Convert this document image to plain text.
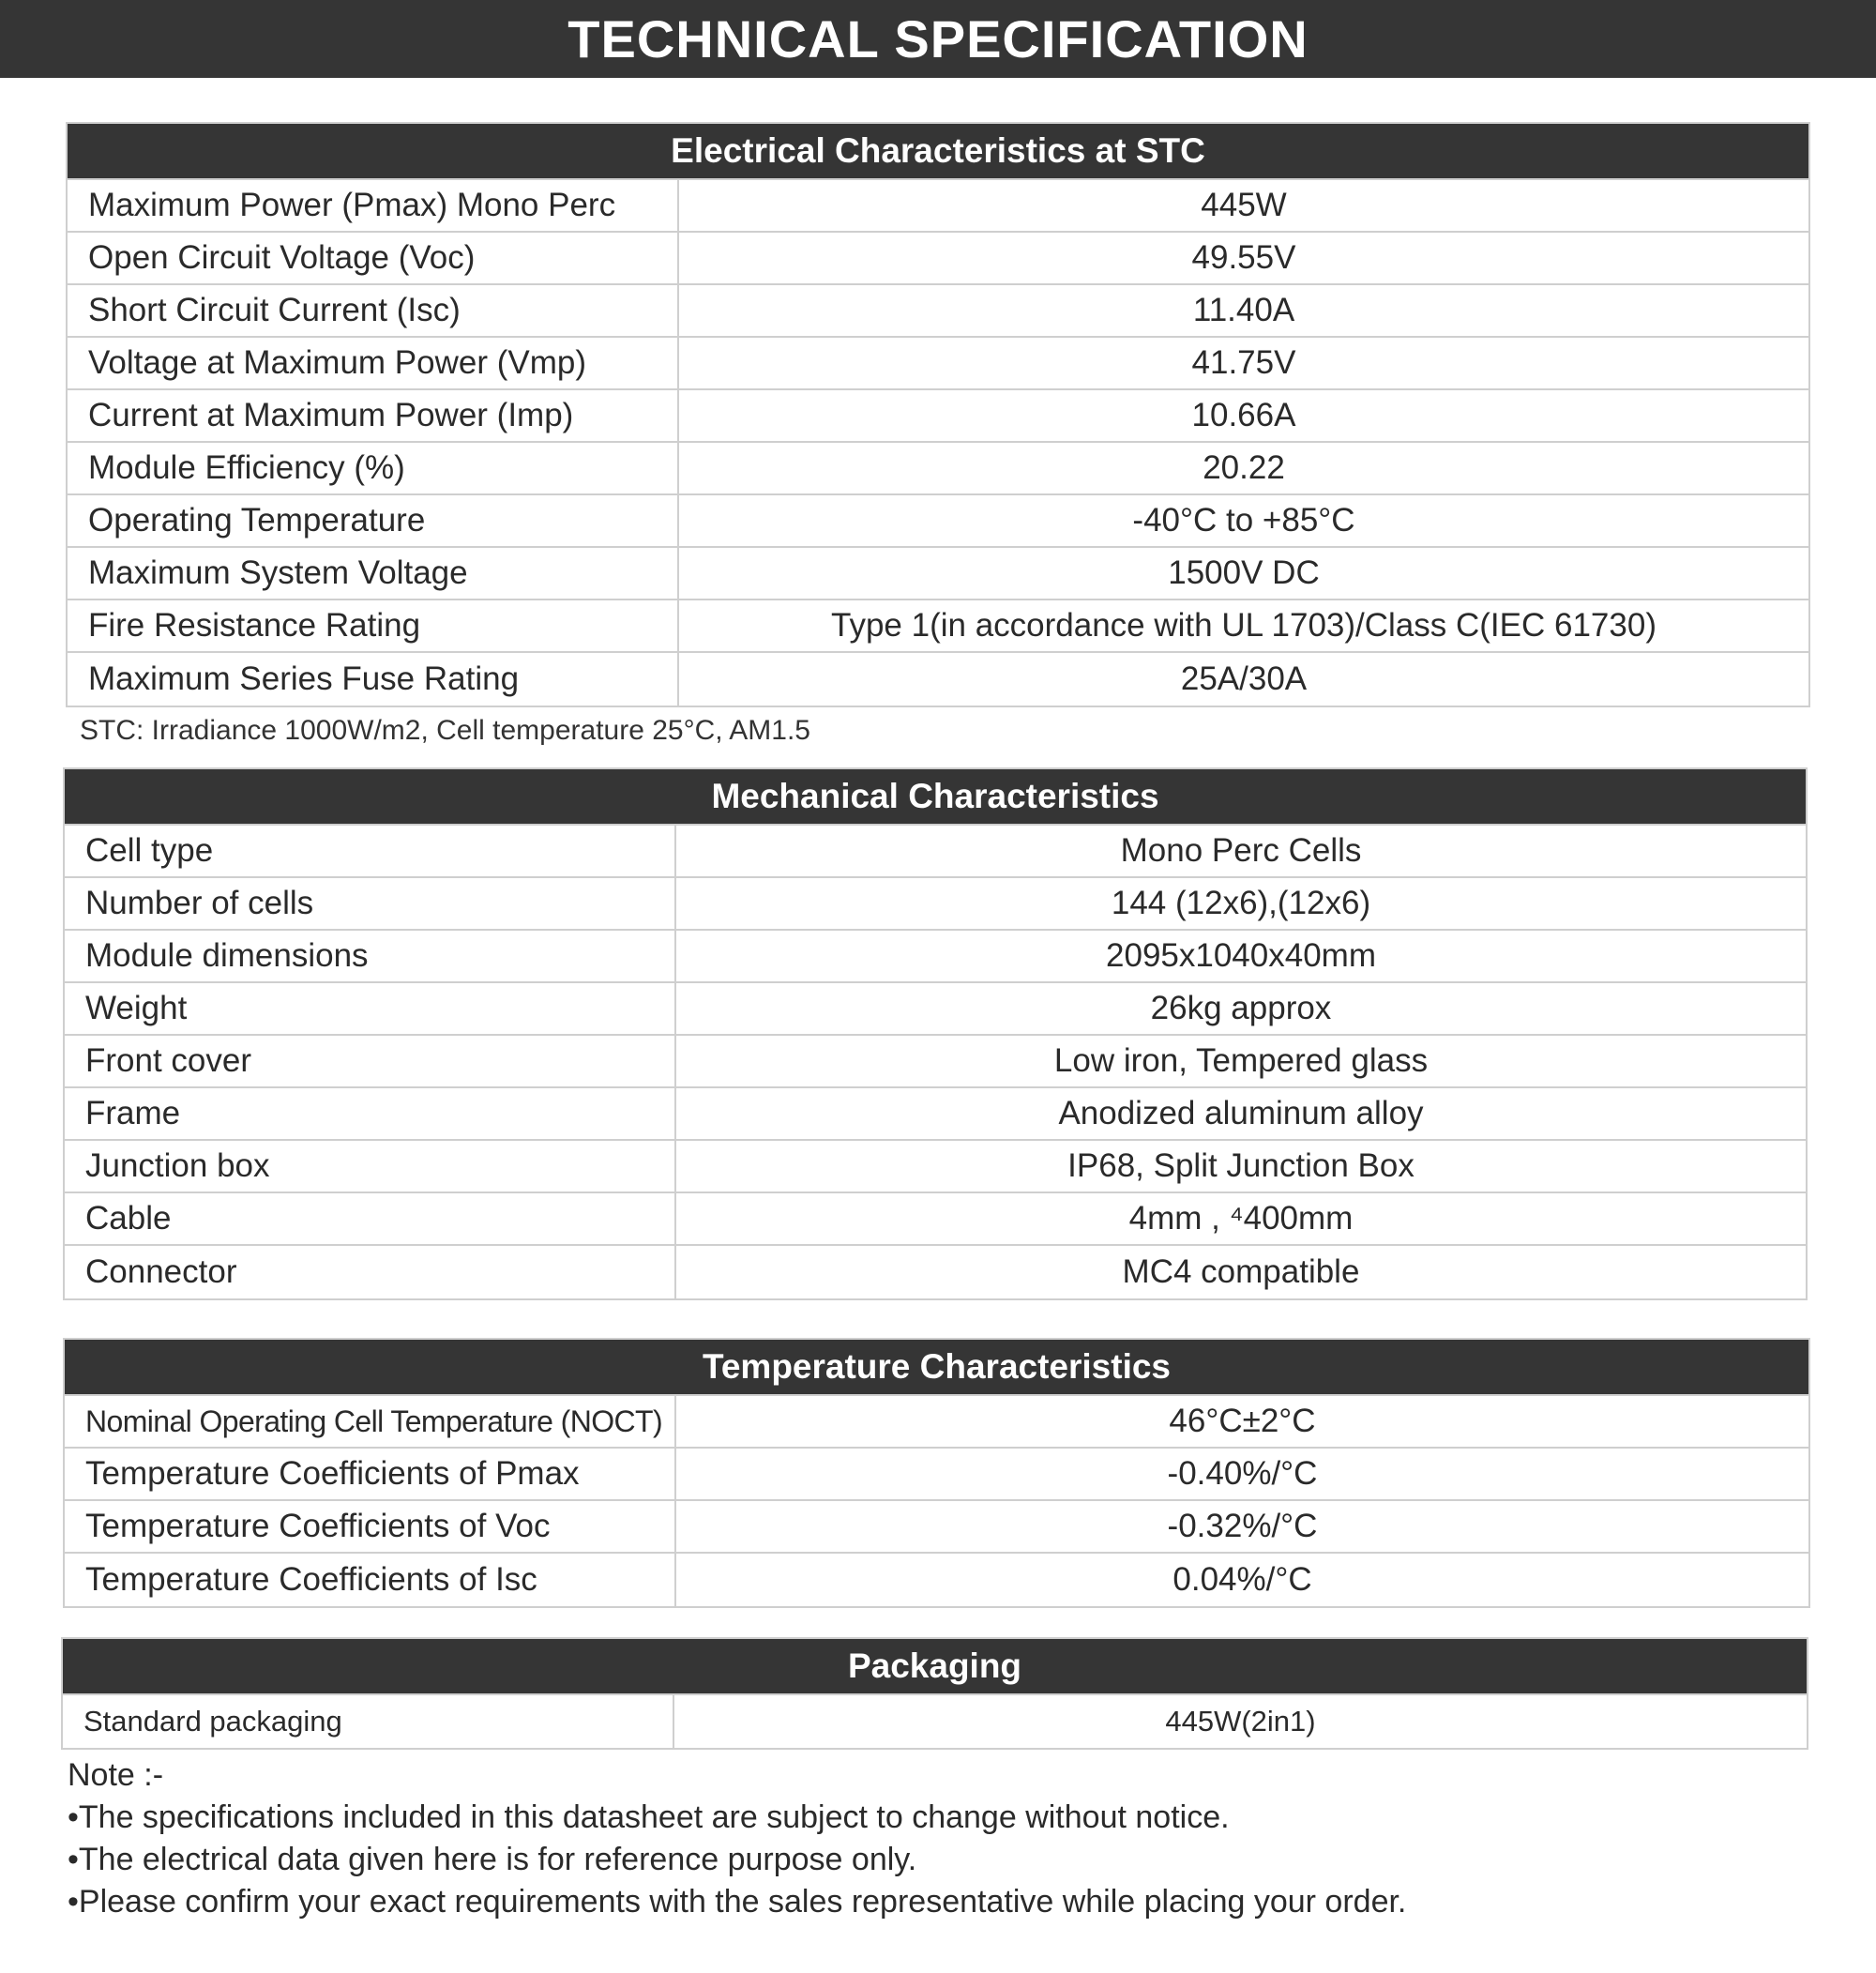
TECHNICAL SPECIFICATION
Electrical Characteristics at STC
Maximum Power (Pmax) Mono Perc	445W
Open Circuit Voltage (Voc)	49.55V
Short Circuit Current (Isc)	11.40A
Voltage at Maximum Power (Vmp)	41.75V
Current at Maximum Power (Imp)	10.66A
Module Efficiency (%)	20.22
Operating Temperature	-40°C to +85°C
Maximum System Voltage	1500V DC
Fire Resistance Rating	Type 1(in accordance with UL 1703)/Class C(IEC 61730)
Maximum Series Fuse Rating	25A/30A
STC: Irradiance 1000W/m2, Cell temperature 25°C, AM1.5
Mechanical Characteristics
Cell type	Mono Perc Cells
Number of cells	144 (12x6),(12x6)
Module dimensions	2095x1040x40mm
Weight	26kg approx
Front cover	Low iron, Tempered glass
Frame	Anodized aluminum alloy
Junction box	IP68, Split Junction Box
Cable	4mm , ⁴400mm
Connector	MC4 compatible
Temperature Characteristics
Nominal Operating Cell Temperature (NOCT)	46°C±2°C
Temperature Coefficients of Pmax	-0.40%/°C
Temperature Coefficients of Voc	-0.32%/°C
Temperature Coefficients of Isc	0.04%/°C
Packaging
Standard packaging	445W(2in1)
Note :-
•The specifications included in this datasheet are subject to change without notice.
•The electrical data given here is for reference purpose only.
•Please confirm your exact requirements with the sales representative while placing your order.
